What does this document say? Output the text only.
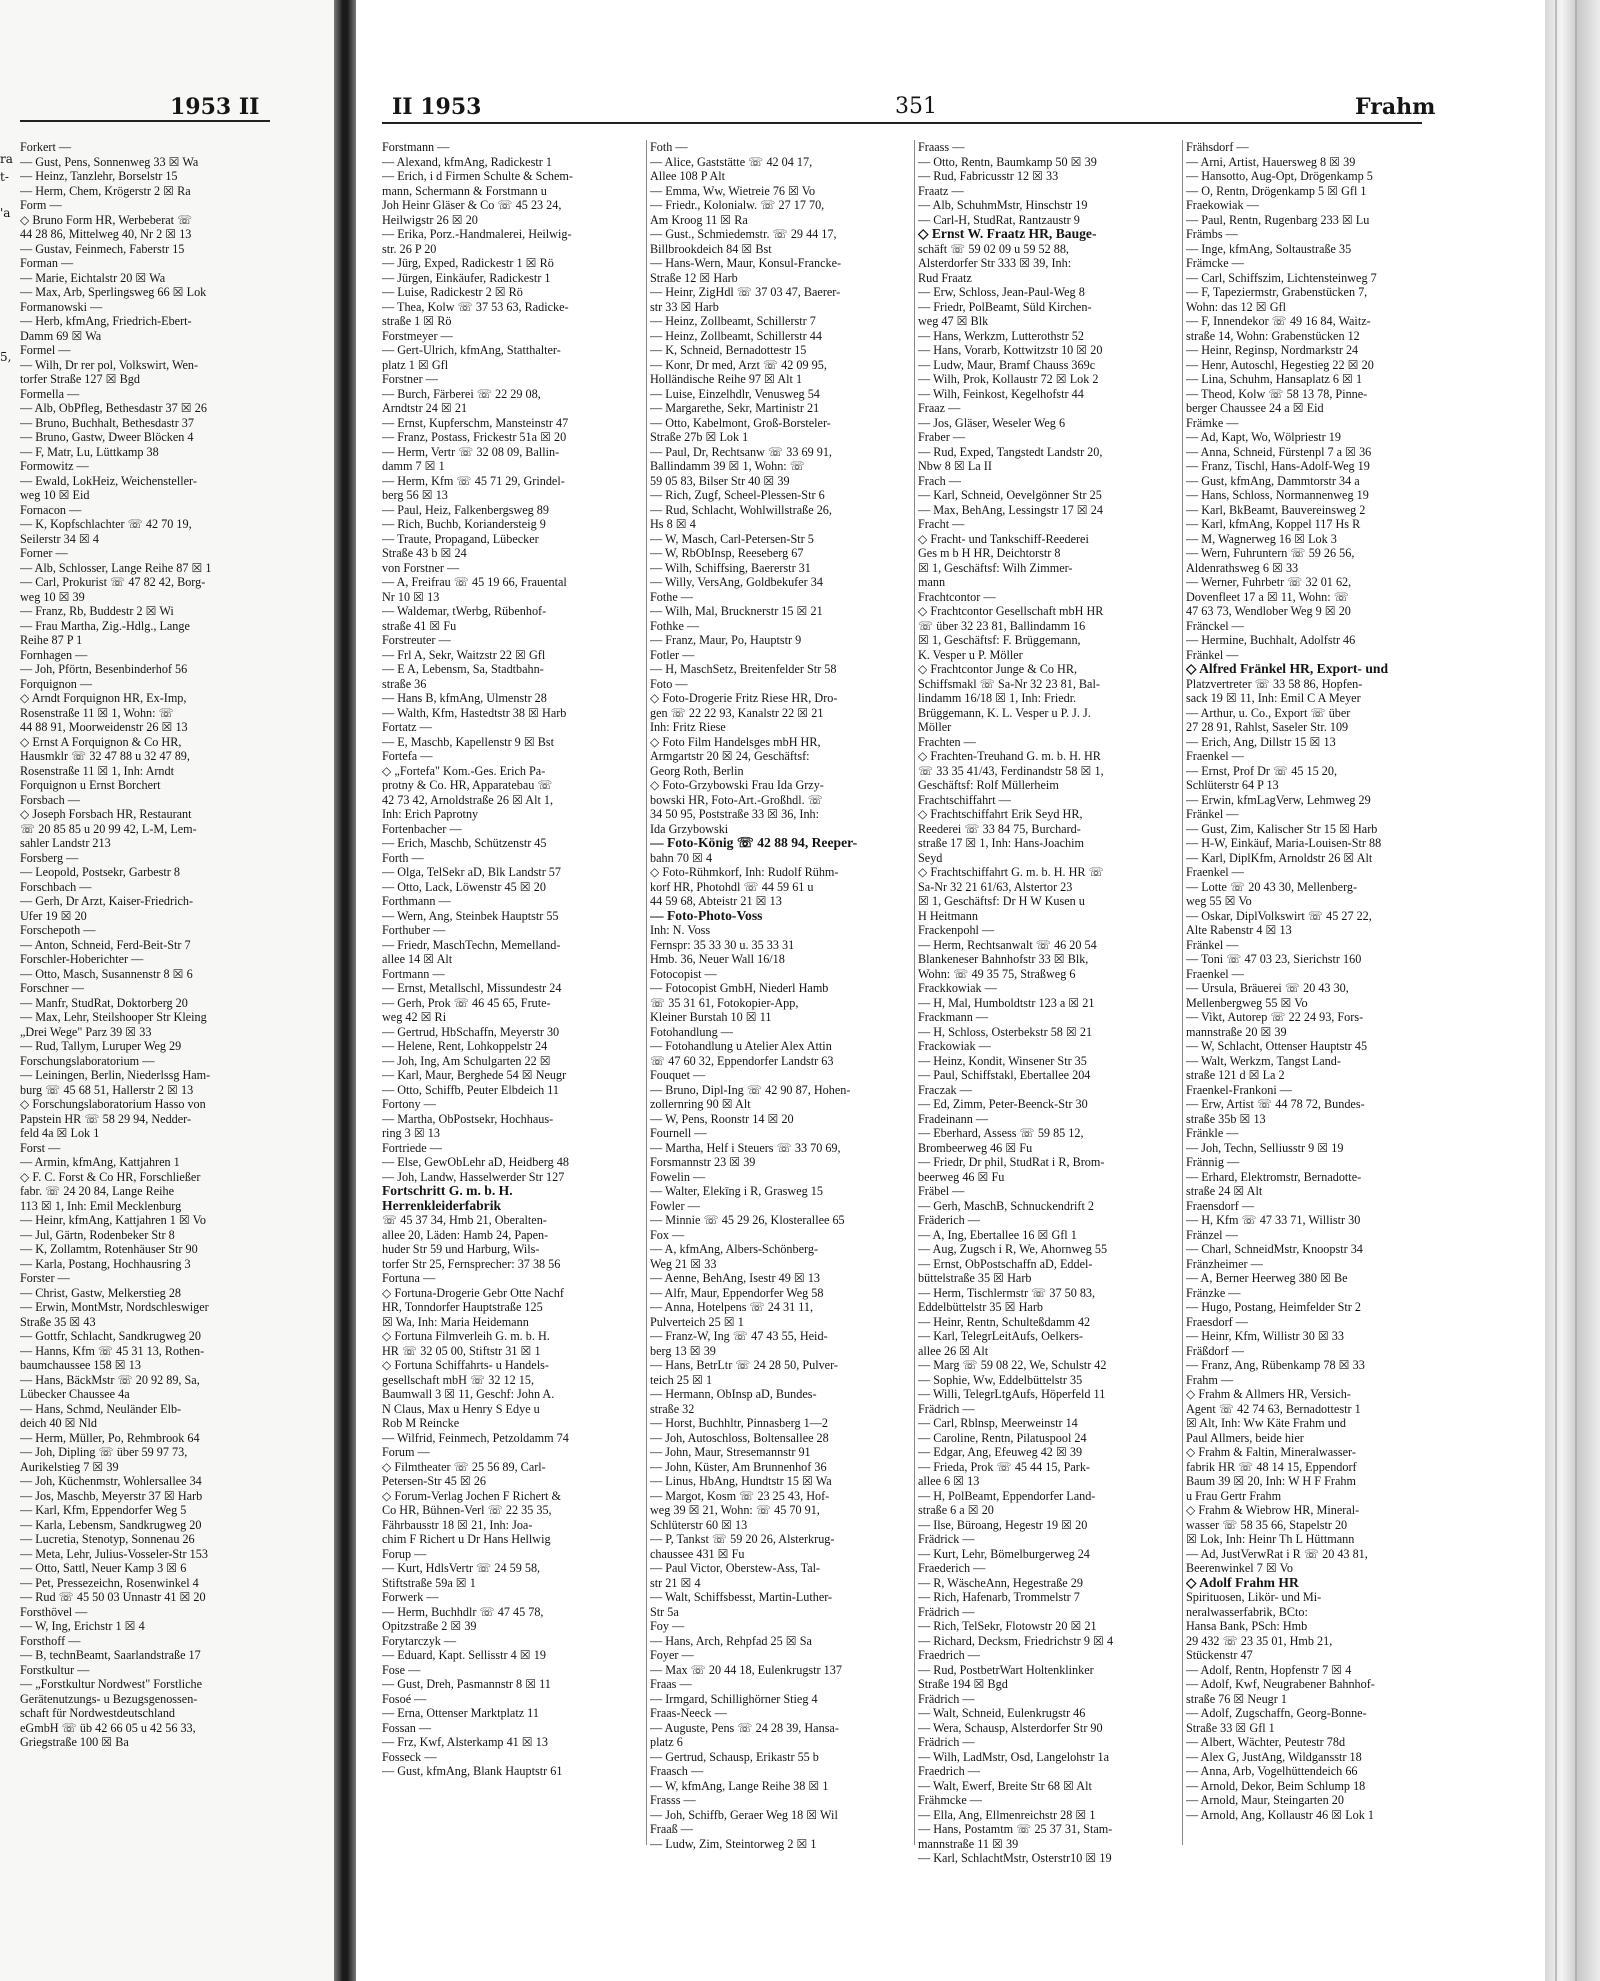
ra
t-

'a

5,
1953 II	II 1953	351	Frahm
Forkert —
— Gust, Pens, Sonnenweg 33 ☒ Wa
— Heinz, Tanzlehr, Borselstr 15
— Herm, Chem, Krögerstr 2 ☒ Ra
Form —
◇ Bruno Form HR, Werbeberat ☏
44 28 86, Mittelweg 40, Nr 2 ☒ 13
— Gustav, Feinmech, Faberstr 15
Forman —
— Marie, Eichtalstr 20 ☒ Wa
— Max, Arb, Sperlingsweg 66 ☒ Lok
Formanowski —
— Herb, kfmAng, Friedrich-Ebert-
Damm 69 ☒ Wa
Formel —
— Wilh, Dr rer pol, Volkswirt, Wen-
torfer Straße 127 ☒ Bgd
Formella —
— Alb, ObPfleg, Bethesdastr 37 ☒ 26
— Bruno, Buchhalt, Bethesdastr 37
— Bruno, Gastw, Dweer Blöcken 4
— F, Matr, Lu, Lüttkamp 38
Formowitz —
— Ewald, LokHeiz, Weichensteller-
weg 10 ☒ Eid
Fornacon —
— K, Kopfschlachter ☏ 42 70 19,
Seilerstr 34 ☒ 4
Forner —
— Alb, Schlosser, Lange Reihe 87 ☒ 1
— Carl, Prokurist ☏ 47 82 42, Borg-
weg 10 ☒ 39
— Franz, Rb, Buddestr 2 ☒ Wi
— Frau Martha, Zig.-Hdlg., Lange
Reihe 87 P 1
Fornhagen —
— Joh, Pförtn, Besenbinderhof 56
Forquignon —
◇ Arndt Forquignon HR, Ex-Imp,
Rosenstraße 11 ☒ 1, Wohn: ☏
44 88 91, Moorweidenstr 26 ☒ 13
◇ Ernst A Forquignon & Co HR,
Hausmklr ☏ 32 47 88 u 32 47 89,
Rosenstraße 11 ☒ 1, Inh: Arndt
Forquignon u Ernst Borchert
Forsbach —
◇ Joseph Forsbach HR, Restaurant
☏ 20 85 85 u 20 99 42, L-M, Lem-
sahler Landstr 213
Forsberg —
— Leopold, Postsekr, Garbestr 8
Forschbach —
— Gerh, Dr Arzt, Kaiser-Friedrich-
Ufer 19 ☒ 20
Forschepoth —
— Anton, Schneid, Ferd-Beit-Str 7
Forschler-Hoberichter —
— Otto, Masch, Susannenstr 8 ☒ 6
Forschner —
— Manfr, StudRat, Doktorberg 20
— Max, Lehr, Steilshooper Str Kleing
„Drei Wege" Parz 39 ☒ 33
— Rud, Tallym, Luruper Weg 29
Forschungslaboratorium —
— Leiningen, Berlin, Niederlssg Ham-
burg ☏ 45 68 51, Hallerstr 2 ☒ 13
◇ Forschungslaboratorium Hasso von
Papstein HR ☏ 58 29 94, Nedder-
feld 4a ☒ Lok 1
Forst —
— Armin, kfmAng, Kattjahren 1
◇ F. C. Forst & Co HR, Forschließer
fabr. ☏ 24 20 84, Lange Reihe
113 ☒ 1, Inh: Emil Mecklenburg
— Heinr, kfmAng, Kattjahren 1 ☒ Vo
— Jul, Gärtn, Rodenbeker Str 8
— K, Zollamtm, Rotenhäuser Str 90
— Karla, Postang, Hochhausring 3
Forster —
— Christ, Gastw, Melkerstieg 28
— Erwin, MontMstr, Nordschleswiger
Straße 35 ☒ 43
— Gottfr, Schlacht, Sandkrugweg 20
— Hanns, Kfm ☏ 45 31 13, Rothen-
baumchaussee 158 ☒ 13
— Hans, BäckMstr ☏ 20 92 89, Sa,
Lübecker Chaussee 4a
— Hans, Schmd, Neuländer Elb-
deich 40 ☒ Nld
— Herm, Müller, Po, Rehmbrook 64
— Joh, Dipling ☏ über 59 97 73,
Aurikelstieg 7 ☒ 39
— Joh, Küchenmstr, Wohlersallee 34
— Jos, Maschb, Meyerstr 37 ☒ Harb
— Karl, Kfm, Eppendorfer Weg 5
— Karla, Lebensm, Sandkrugweg 20
— Lucretia, Stenotyp, Sonnenau 26
— Meta, Lehr, Julius-Vosseler-Str 153
— Otto, Sattl, Neuer Kamp 3 ☒ 6
— Pet, Pressezeichn, Rosenwinkel 4
— Rud ☏ 45 50 03 Unnastr 41 ☒ 20
Forsthövel —
— W, Ing, Erichstr 1 ☒ 4
Forsthoff —
— B, technBeamt, Saarlandstraße 17
Forstkultur —
— „Forstkultur Nordwest" Forstliche
Gerätenutzungs- u Bezugsgenossen-
schaft für Nordwestdeutschland
eGmbH ☏ üb 42 66 05 u 42 56 33,
Griegstraße 100 ☒ Ba
Forstmann —
— Alexand, kfmAng, Radickestr 1
— Erich, i d Firmen Schulte & Schem-
mann, Schermann & Forstmann u
Joh Heinr Gläser & Co ☏ 45 23 24,
Heilwigstr 26 ☒ 20
— Erika, Porz.-Handmalerei, Heilwig-
str. 26 P 20
— Jürg, Exped, Radickestr 1 ☒ Rö
— Jürgen, Einkäufer, Radickestr 1
— Luise, Radickestr 2 ☒ Rö
— Thea, Kolw ☏ 37 53 63, Radicke-
straße 1 ☒ Rö
Forstmeyer —
— Gert-Ulrich, kfmAng, Statthalter-
platz 1 ☒ Gfl
Forstner —
— Burch, Färberei ☏ 22 29 08,
Arndtstr 24 ☒ 21
— Ernst, Kupferschm, Mansteinstr 47
— Franz, Postass, Frickestr 51a ☒ 20
— Herm, Vertr ☏ 32 08 09, Ballin-
damm 7 ☒ 1
— Herm, Kfm ☏ 45 71 29, Grindel-
berg 56 ☒ 13
— Paul, Heiz, Falkenbergsweg 89
— Rich, Buchb, Koriandersteig 9
— Traute, Propagand, Lübecker
Straße 43 b ☒ 24
von Forstner —
— A, Freifrau ☏ 45 19 66, Frauental
Nr 10 ☒ 13
— Waldemar, tWerbg, Rübenhof-
straße 41 ☒ Fu
Forstreuter —
— Frl A, Sekr, Waitzstr 22 ☒ Gfl
— E A, Lebensm, Sa, Stadtbahn-
straße 36
— Hans B, kfmAng, Ulmenstr 28
— Walth, Kfm, Hastedtstr 38 ☒ Harb
Fortatz —
— E, Maschb, Kapellenstr 9 ☒ Bst
Fortefa —
◇ „Fortefa" Kom.-Ges. Erich Pa-
protny & Co. HR, Apparatebau ☏
42 73 42, Arnoldstraße 26 ☒ Alt 1,
Inh: Erich Paprotny
Fortenbacher —
— Erich, Maschb, Schützenstr 45
Forth —
— Olga, TelSekr aD, Blk Landstr 57
— Otto, Lack, Löwenstr 45 ☒ 20
Forthmann —
— Wern, Ang, Steinbek Hauptstr 55
Forthuber —
— Friedr, MaschTechn, Memelland-
allee 14 ☒ Alt
Fortmann —
— Ernst, Metallschl, Missundestr 24
— Gerh, Prok ☏ 46 45 65, Frute-
weg 42 ☒ Ri
— Gertrud, HbSchaffn, Meyerstr 30
— Helene, Rent, Lohkoppelstr 24
— Joh, Ing, Am Schulgarten 22 ☒
— Karl, Maur, Berghede 54 ☒ Neugr
— Otto, Schiffb, Peuter Elbdeich 11
Fortony —
— Martha, ObPostsekr, Hochhaus-
ring 3 ☒ 13
Fortriede —
— Else, GewObLehr aD, Heidberg 48
— Joh, Landw, Hasselwerder Str 127
Fortschritt G. m. b. H.
Herrenkleiderfabrik
☏ 45 37 34, Hmb 21, Oberalten-
allee 20, Läden: Hamb 24, Papen-
huder Str 59 und Harburg, Wils-
torfer Str 25, Fernsprecher: 37 38 56
Fortuna —
◇ Fortuna-Drogerie Gebr Otte Nachf
HR, Tonndorfer Hauptstraße 125
☒ Wa, Inh: Maria Heidemann
◇ Fortuna Filmverleih G. m. b. H.
HR ☏ 32 05 00, Stiftstr 31 ☒ 1
◇ Fortuna Schiffahrts- u Handels-
gesellschaft mbH ☏ 32 12 15,
Baumwall 3 ☒ 11, Geschf: John A.
N Claus, Max u Henry S Edye u
Rob M Reincke
— Wilfrid, Feinmech, Petzoldamm 74
Forum —
◇ Filmtheater ☏ 25 56 89, Carl-
Petersen-Str 45 ☒ 26
◇ Forum-Verlag Jochen F Richert &
Co HR, Bühnen-Verl ☏ 22 35 35,
Fährbausstr 18 ☒ 21, Inh: Joa-
chim F Richert u Dr Hans Hellwig
Forup —
— Kurt, HdlsVertr ☏ 24 59 58,
Stiftstraße 59a ☒ 1
Forwerk —
— Herm, Buchhdlr ☏ 47 45 78,
Opitzstraße 2 ☒ 39
Forytarczyk —
— Eduard, Kapt. Sellisstr 4 ☒ 19
Fose —
— Gust, Dreh, Pasmannstr 8 ☒ 11
Fosoé —
— Erna, Ottenser Marktplatz 11
Fossan —
— Frz, Kwf, Alsterkamp 41 ☒ 13
Fosseck —
— Gust, kfmAng, Blank Hauptstr 61
Foth —
— Alice, Gaststätte ☏ 42 04 17,
Allee 108 P Alt
— Emma, Ww, Wietreie 76 ☒ Vo
— Friedr., Kolonialw. ☏ 27 17 70,
Am Kroog 11 ☒ Ra
— Gust., Schmiedemstr. ☏ 29 44 17,
Billbrookdeich 84 ☒ Bst
— Hans-Wern, Maur, Konsul-Francke-
Straße 12 ☒ Harb
— Heinr, ZigHdl ☏ 37 03 47, Baerer-
str 33 ☒ Harb
— Heinz, Zollbeamt, Schillerstr 7
— Heinz, Zollbeamt, Schillerstr 44
— K, Schneid, Bernadottestr 15
— Konr, Dr med, Arzt ☏ 42 09 95,
Holländische Reihe 97 ☒ Alt 1
— Luise, Einzelhdlr, Venusweg 54
— Margarethe, Sekr, Martinistr 21
— Otto, Kabelmont, Groß-Borsteler-
Straße 27b ☒ Lok 1
— Paul, Dr, Rechtsanw ☏ 33 69 91,
Ballindamm 39 ☒ 1, Wohn: ☏
59 05 83, Bilser Str 40 ☒ 39
— Rich, Zugf, Scheel-Plessen-Str 6
— Rud, Schlacht, Wohlwillstraße 26,
Hs 8 ☒ 4
— W, Masch, Carl-Petersen-Str 5
— W, RbObInsp, Reeseberg 67
— Wilh, Schiffsing, Baererstr 31
— Willy, VersAng, Goldbekufer 34
Fothe —
— Wilh, Mal, Brucknerstr 15 ☒ 21
Fothke —
— Franz, Maur, Po, Hauptstr 9
Fotler —
— H, MaschSetz, Breitenfelder Str 58
Foto —
◇ Foto-Drogerie Fritz Riese HR, Dro-
gen ☏ 22 22 93, Kanalstr 22 ☒ 21
Inh: Fritz Riese
◇ Foto Film Handelsges mbH HR,
Armgartstr 20 ☒ 24, Geschäftsf:
Georg Roth, Berlin
◇ Foto-Grzybowski Frau Ida Grzy-
bowski HR, Foto-Art.-Großhdl. ☏
34 50 95, Poststraße 33 ☒ 36, Inh:
Ida Grzybowski
— Foto-König ☏ 42 88 94, Reeper-
bahn 70 ☒ 4
◇ Foto-Rühmkorf, Inh: Rudolf Rühm-
korf HR, Photohdl ☏ 44 59 61 u
44 59 68, Abteistr 21 ☒ 13
— Foto-Photo-Voss
Inh: N. Voss
Fernspr: 35 33 30 u. 35 33 31
Hmb. 36, Neuer Wall 16/18
Fotocopist —
— Fotocopist GmbH, Niederl Hamb
☏ 35 31 61, Fotokopier-App,
Kleiner Burstah 10 ☒ 11
Fotohandlung —
— Fotohandlung u Atelier Alex Attin
☏ 47 60 32, Eppendorfer Landstr 63
Fouquet —
— Bruno, Dipl-Ing ☏ 42 90 87, Hohen-
zollernring 90 ☒ Alt
— W, Pens, Roonstr 14 ☒ 20
Fournell —
— Martha, Helf i Steuers ☏ 33 70 69,
Forsmannstr 23 ☒ 39
Fowelin —
— Walter, Elekīng i R, Grasweg 15
Fowler —
— Minnie ☏ 45 29 26, Klosterallee 65
Fox —
— A, kfmAng, Albers-Schönberg-
Weg 21 ☒ 33
— Aenne, BehAng, Isestr 49 ☒ 13
— Alfr, Maur, Eppendorfer Weg 58
— Anna, Hotelpens ☏ 24 31 11,
Pulverteich 25 ☒ 1
— Franz-W, Ing ☏ 47 43 55, Heid-
berg 13 ☒ 39
— Hans, BetrLtr ☏ 24 28 50, Pulver-
teich 25 ☒ 1
— Hermann, ObInsp aD, Bundes-
straße 32
— Horst, Buchhltr, Pinnasberg 1—2
— Joh, Autoschloss, Boltensallee 28
— John, Maur, Stresemannstr 91
— John, Küster, Am Brunnenhof 36
— Linus, HbAng, Hundtstr 15 ☒ Wa
— Margot, Kosm ☏ 23 25 43, Hof-
weg 39 ☒ 21, Wohn: ☏ 45 70 91,
Schlüterstr 60 ☒ 13
— P, Tankst ☏ 59 20 26, Alsterkrug-
chaussee 431 ☒ Fu
— Paul Victor, Oberstew-Ass, Tal-
str 21 ☒ 4
— Walt, Schiffsbesst, Martin-Luther-
Str 5a
Foy —
— Hans, Arch, Rehpfad 25 ☒ Sa
Foyer —
— Max ☏ 20 44 18, Eulenkrugstr 137
Fraas —
— Irmgard, Schillighörner Stieg 4
Fraas-Neeck —
— Auguste, Pens ☏ 24 28 39, Hansa-
platz 6
— Gertrud, Schausp, Erikastr 55 b
Fraasch —
— W, kfmAng, Lange Reihe 38 ☒ 1
Frasss —
— Joh, Schiffb, Geraer Weg 18 ☒ Wil
Fraaß —
— Ludw, Zim, Steintorweg 2 ☒ 1
Fraass —
— Otto, Rentn, Baumkamp 50 ☒ 39
— Rud, Fabricusstr 12 ☒ 33
Fraatz —
— Alb, SchuhmMstr, Hinschstr 19
— Carl-H, StudRat, Rantzaustr 9
◇ Ernst W. Fraatz HR, Bauge-
schäft ☏ 59 02 09 u 59 52 88,
Alsterdorfer Str 333 ☒ 39, Inh:
Rud Fraatz
— Erw, Schloss, Jean-Paul-Weg 8
— Friedr, PolBeamt, Süld Kirchen-
weg 47 ☒ Blk
— Hans, Werkzm, Lutterothstr 52
— Hans, Vorarb, Kottwitzstr 10 ☒ 20
— Ludw, Maur, Bramf Chauss 369c
— Wilh, Prok, Kollaustr 72 ☒ Lok 2
— Wilh, Feinkost, Kegelhofstr 44
Fraaz —
— Jos, Gläser, Weseler Weg 6
Fraber —
— Rud, Exped, Tangstedt Landstr 20,
Nbw 8 ☒ La II
Frach —
— Karl, Schneid, Oevelgönner Str 25
— Max, BehAng, Lessingstr 17 ☒ 24
Fracht —
◇ Fracht- und Tankschiff-Reederei
Ges m b H HR, Deichtorstr 8
☒ 1, Geschäftsf: Wilh Zimmer-
mann
Frachtcontor —
◇ Frachtcontor Gesellschaft mbH HR
☏ über 32 23 81, Ballindamm 16
☒ 1, Geschäftsf: F. Brüggemann,
K. Vesper u P. Möller
◇ Frachtcontor Junge & Co HR,
Schiffsmakl ☏ Sa-Nr 32 23 81, Bal-
lindamm 16/18 ☒ 1, Inh: Friedr.
Brüggemann, K. L. Vesper u P. J. J.
Möller
Frachten —
◇ Frachten-Treuhand G. m. b. H. HR
☏ 33 35 41/43, Ferdinandstr 58 ☒ 1,
Geschäftsf: Rolf Müllerheim
Frachtschiffahrt —
◇ Frachtschiffahrt Erik Seyd HR,
Reederei ☏ 33 84 75, Burchard-
straße 17 ☒ 1, Inh: Hans-Joachim
Seyd
◇ Frachtschiffahrt G. m. b. H. HR ☏
Sa-Nr 32 21 61/63, Alstertor 23
☒ 1, Geschäftsf: Dr H W Kusen u
H Heitmann
Frackenpohl —
— Herm, Rechtsanwalt ☏ 46 20 54
Blankeneser Bahnhofstr 33 ☒ Blk,
Wohn: ☏ 49 35 75, Straßweg 6
Frackkowiak —
— H, Mal, Humboldtstr 123 a ☒ 21
Frackmann —
— H, Schloss, Osterbekstr 58 ☒ 21
Frackowiak —
— Heinz, Kondit, Winsener Str 35
— Paul, Schiffstakl, Ebertallee 204
Fraczak —
— Ed, Zimm, Peter-Beenck-Str 30
Fradeinann —
— Eberhard, Assess ☏ 59 85 12,
Brombeerweg 46 ☒ Fu
— Friedr, Dr phil, StudRat i R, Brom-
beerweg 46 ☒ Fu
Fräbel —
— Gerh, MaschB, Schnuckendrift 2
Fräderich —
— A, Ing, Ebertallee 16 ☒ Gfl 1
— Aug, Zugsch i R, We, Ahornweg 55
— Ernst, ObPostschaffn aD, Eddel-
büttelstraße 35 ☒ Harb
— Herm, Tischlermstr ☏ 37 50 83,
Eddelbüttelstr 35 ☒ Harb
— Heinr, Rentn, Schulteßdamm 42
— Karl, TelegrLeitAufs, Oelkers-
allee 26 ☒ Alt
— Marg ☏ 59 08 22, We, Schulstr 42
— Sophie, Ww, Eddelbüttelstr 35
— Willi, TelegrLtgAufs, Höperfeld 11
Frädrich —
— Carl, Rblnsp, Meerweinstr 14
— Caroline, Rentn, Pilatuspool 24
— Edgar, Ang, Efeuweg 42 ☒ 39
— Frieda, Prok ☏ 45 44 15, Park-
allee 6 ☒ 13
— H, PolBeamt, Eppendorfer Land-
straße 6 a ☒ 20
— Ilse, Büroang, Hegestr 19 ☒ 20
Frädrick —
— Kurt, Lehr, Bömelburgerweg 24
Fraederich —
— R, WäscheAnn, Hegestraße 29
— Rich, Hafenarb, Trommelstr 7
Frädrich —
— Rich, TelSekr, Flotowstr 20 ☒ 21
— Richard, Decksm, Friedrichstr 9 ☒ 4
Fraedrich —
— Rud, PostbetrWart Holtenklinker
Straße 194 ☒ Bgd
Frädrich —
— Walt, Schneid, Eulenkrugstr 46
— Wera, Schausp, Alsterdorfer Str 90
Frädrich —
— Wilh, LadMstr, Osd, Langelohstr 1a
Fraedrich —
— Walt, Ewerf, Breite Str 68 ☒ Alt
Frähmcke —
— Ella, Ang, Ellmenreichstr 28 ☒ 1
— Hans, Postamtm ☏ 25 37 31, Stam-
mannstraße 11 ☒ 39
— Karl, SchlachtMstr, Osterstr10 ☒ 19
Frähsdorf —
— Arni, Artist, Hauersweg 8 ☒ 39
— Hansotto, Aug-Opt, Drögenkamp 5
— O, Rentn, Drögenkamp 5 ☒ Gfl 1
Fraekowiak —
— Paul, Rentn, Rugenbarg 233 ☒ Lu
Främbs —
— Inge, kfmAng, Soltaustraße 35
Främcke —
— Carl, Schiffszim, Lichtensteinweg 7
— F, Tapeziermstr, Grabenstücken 7,
Wohn: das 12 ☒ Gfl
— F, Innendekor ☏ 49 16 84, Waitz-
straße 14, Wohn: Grabenstücken 12
— Heinr, Reginsp, Nordmarkstr 24
— Henr, Autoschl, Hegestieg 22 ☒ 20
— Lina, Schuhm, Hansaplatz 6 ☒ 1
— Theod, Kolw ☏ 58 13 78, Pinne-
berger Chaussee 24 a ☒ Eid
Främke —
— Ad, Kapt, Wo, Wölpriestr 19
— Anna, Schneid, Fürstenpl 7 a ☒ 36
— Franz, Tischl, Hans-Adolf-Weg 19
— Gust, kfmAng, Dammtorstr 34 a
— Hans, Schloss, Normannenweg 19
— Karl, BkBeamt, Bauvereinsweg 2
— Karl, kfmAng, Koppel 117 Hs R
— M, Wagnerweg 16 ☒ Lok 3
— Wern, Fuhruntern ☏ 59 26 56,
Aldenrathsweg 6 ☒ 33
— Werner, Fuhrbetr ☏ 32 01 62,
Dovenfleet 17 a ☒ 11, Wohn: ☏
47 63 73, Wendlober Weg 9 ☒ 20
Fränckel —
— Hermine, Buchhalt, Adolfstr 46
Fränkel —
◇ Alfred Fränkel HR, Export- und
Platzvertreter ☏ 33 58 86, Hopfen-
sack 19 ☒ 11, Inh: Emil C A Meyer
— Arthur, u. Co., Export ☏ über
27 28 91, Rahlst, Saseler Str. 109
— Erich, Ang, Dillstr 15 ☒ 13
Fraenkel —
— Ernst, Prof Dr ☏ 45 15 20,
Schlüterstr 64 P 13
— Erwin, kfmLagVerw, Lehmweg 29
Fränkel —
— Gust, Zim, Kalischer Str 15 ☒ Harb
— H-W, Einkäuf, Maria-Louisen-Str 88
— Karl, DiplKfm, Arnoldstr 26 ☒ Alt
Fraenkel —
— Lotte ☏ 20 43 30, Mellenberg-
weg 55 ☒ Vo
— Oskar, DiplVolkswirt ☏ 45 27 22,
Alte Rabenstr 4 ☒ 13
Fränkel —
— Toni ☏ 47 03 23, Sierichstr 160
Fraenkel —
— Ursula, Bräuerei ☏ 20 43 30,
Mellenbergweg 55 ☒ Vo
— Vikt, Autorep ☏ 22 24 93, Fors-
mannstraße 20 ☒ 39
— W, Schlacht, Ottenser Hauptstr 45
— Walt, Werkzm, Tangst Land-
straße 121 d ☒ La 2
Fraenkel-Frankoni —
— Erw, Artist ☏ 44 78 72, Bundes-
straße 35b ☒ 13
Fränkle —
— Joh, Techn, Selliusstr 9 ☒ 19
Frännig —
— Erhard, Elektromstr, Bernadotte-
straße 24 ☒ Alt
Fraensdorf —
— H, Kfm ☏ 47 33 71, Willistr 30
Fränzel —
— Charl, SchneidMstr, Knoopstr 34
Fränzheimer —
— A, Berner Heerweg 380 ☒ Be
Fränzke —
— Hugo, Postang, Heimfelder Str 2
Fraesdorf —
— Heinr, Kfm, Willistr 30 ☒ 33
Fräßdorf —
— Franz, Ang, Rübenkamp 78 ☒ 33
Frahm —
◇ Frahm & Allmers HR, Versich-
Agent ☏ 42 74 63, Bernadottestr 1
☒ Alt, Inh: Ww Käte Frahm und
Paul Allmers, beide hier
◇ Frahm & Faltin, Mineralwasser-
fabrik HR ☏ 48 14 15, Eppendorf
Baum 39 ☒ 20, Inh: W H F Frahm
u Frau Gertr Frahm
◇ Frahm & Wiebrow HR, Mineral-
wasser ☏ 58 35 66, Stapelstr 20
☒ Lok, Inh: Heinr Th L Hüttmann
— Ad, JustVerwRat i R ☏ 20 43 81,
Beerenwinkel 7 ☒ Vo
◇ Adolf Frahm HR
Spirituosen, Likör- und Mi-
neralwasserfabrik, BCto:
Hansa Bank, PSch: Hmb
29 432 ☏ 23 35 01, Hmb 21,
Stückenstr 47
— Adolf, Rentn, Hopfenstr 7 ☒ 4
— Adolf, Kwf, Neugrabener Bahnhof-
straße 76 ☒ Neugr 1
— Adolf, Zugschaffn, Georg-Bonne-
Straße 33 ☒ Gfl 1
— Albert, Wächter, Peutestr 78d
— Alex G, JustAng, Wildgansstr 18
— Anna, Arb, Vogelhüttendeich 66
— Arnold, Dekor, Beim Schlump 18
— Arnold, Maur, Steingarten 20
— Arnold, Ang, Kollaustr 46 ☒ Lok 1
